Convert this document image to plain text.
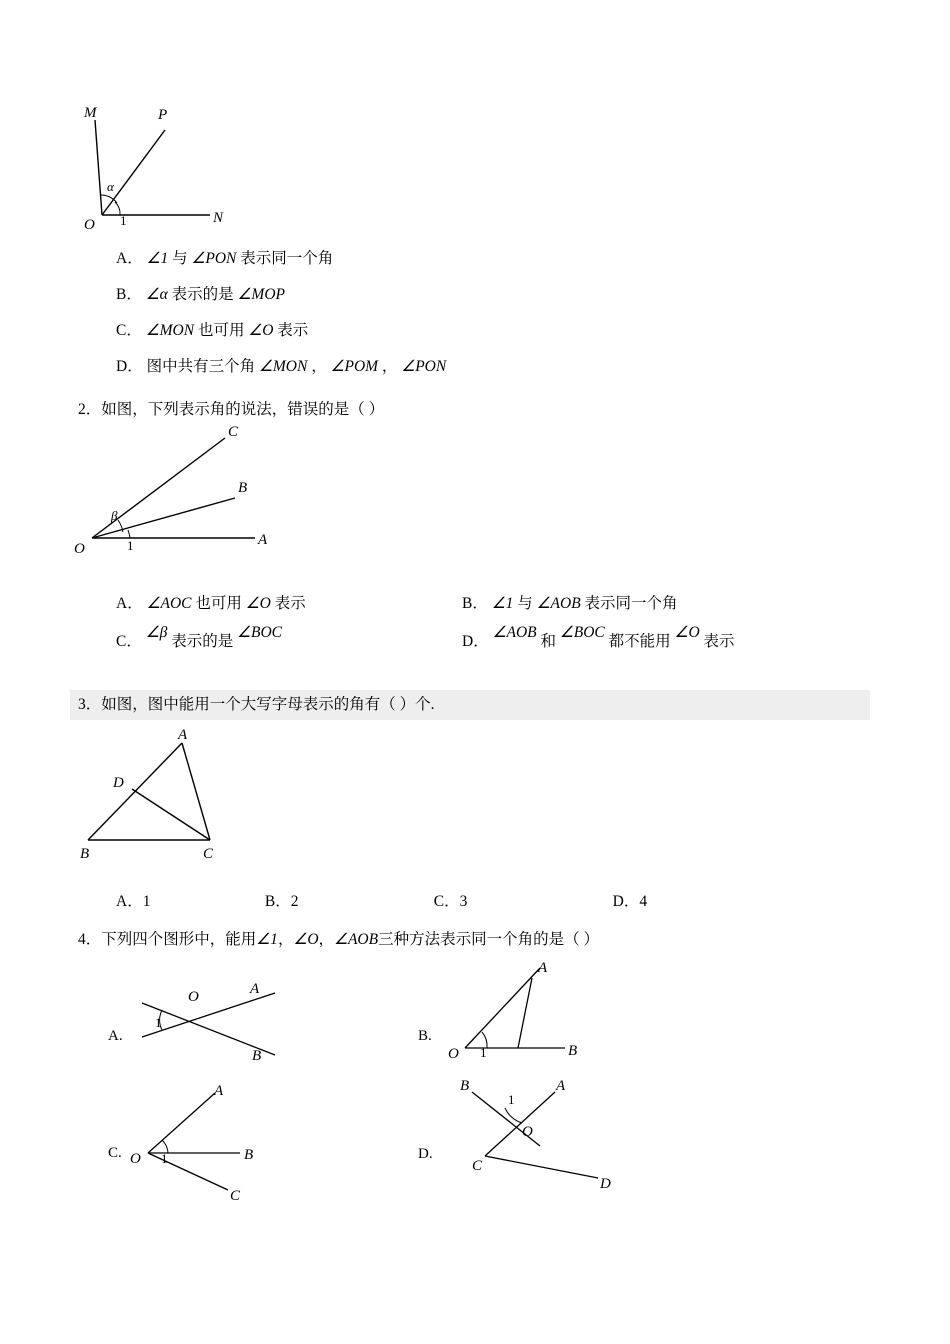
M	P
O	N
α
1
A． ∠1 与 ∠PON 表示同一个角
B． ∠α 表示的是 ∠MOP
C． ∠MON 也可用 ∠O 表示
D． 图中共有三个角 ∠MON ， ∠POM ， ∠PON
2．如图，下列表示角的说法，错误的是（ ）
C
B
O
A
β
1
A． ∠AOC 也可用 ∠O 表示	B． ∠1 与 ∠AOB 表示同一个角
C． ∠β 表示的是 ∠BOC
D． ∠AOB 和 ∠BOC 都不能用 ∠O 表示
3．如图，图中能用一个大写字母表示的角有（ ）个.
A
D
B	C
A．1	B．2	C．3	D．4
4．下列四个图形中，能用∠1，∠O，∠AOB三种方法表示同一个角的是（ ）
A.
O	A
B
1
B.
A
O	B
1
C.
A
O	B
C
1	D.
B	A
O
C
D
1
